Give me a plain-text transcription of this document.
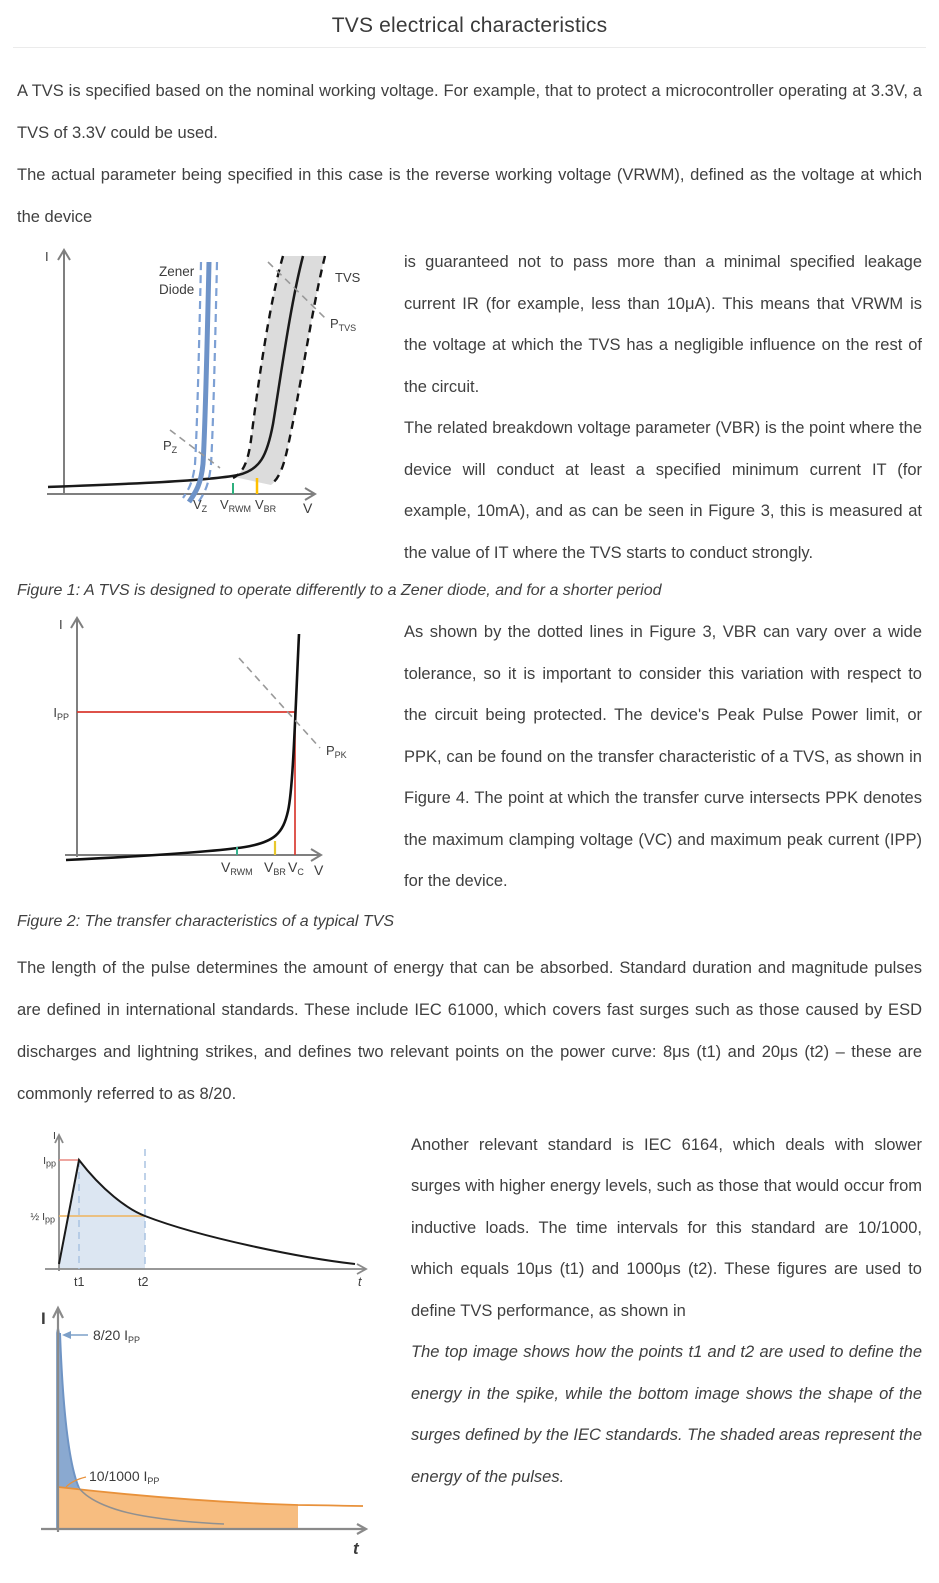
TVS electrical characteristics

A TVS is specified based on the nominal working voltage. For example, that to protect a microcontroller operating at 3.3V, a TVS of 3.3V could be used.

The actual parameter being specified in this case is the reverse working voltage (VRWM), defined as the voltage at which the device

I
V
Zener
Diode
TVS
$P_{TVS}$
$P_Z$
$V_Z$ $V_{RWM}$ $V_{BR}$

is guaranteed not to pass more than a minimal specified leakage current IR (for example, less than 10μA). This means that VRWM is the voltage at which the TVS has a negligible influence on the rest of the circuit.

The related breakdown voltage parameter (VBR) is the point where the device will conduct at least a specified minimum current IT (for example, 10mA), and as can be seen in Figure 3, this is measured at the value of IT where the TVS starts to conduct strongly.

Figure 1: A TVS is designed to operate differently to a Zener diode, and for a shorter period

I
V
$I_{PP}$
$P_{PK}$
$V_{RWM}$ $V_{BR}$ $V_C$

As shown by the dotted lines in Figure 3, VBR can vary over a wide tolerance, so it is important to consider this variation with respect to the circuit being protected. The device's Peak Pulse Power limit, or PPK, can be found on the transfer characteristic of a TVS, as shown in Figure 4. The point at which the transfer curve intersects PPK denotes the maximum clamping voltage (VC) and maximum peak current (IPP) for the device.

Figure 2: The transfer characteristics of a typical TVS

The length of the pulse determines the amount of energy that can be absorbed. Standard duration and magnitude pulses are defined in international standards. These include IEC 61000, which covers fast surges such as those caused by ESD discharges and lightning strikes, and defines two relevant points on the power curve: 8μs (t1) and 20μs (t2) – these are commonly referred to as 8/20.

I
Ipp
½ Ipp
t1	t2	t
I
t
8/20 $I_{PP}$
10/1000 $I_{PP}$

Another relevant standard is IEC 6164, which deals with slower surges with higher energy levels, such as those that would occur from inductive loads. The time intervals for this standard are 10/1000, which equals 10μs (t1) and 1000μs (t2). These figures are used to define TVS performance, as shown in

The top image shows how the points t1 and t2 are used to define the energy in the spike, while the bottom image shows the shape of the surges defined by the IEC standards. The shaded areas represent the energy of the pulses.
